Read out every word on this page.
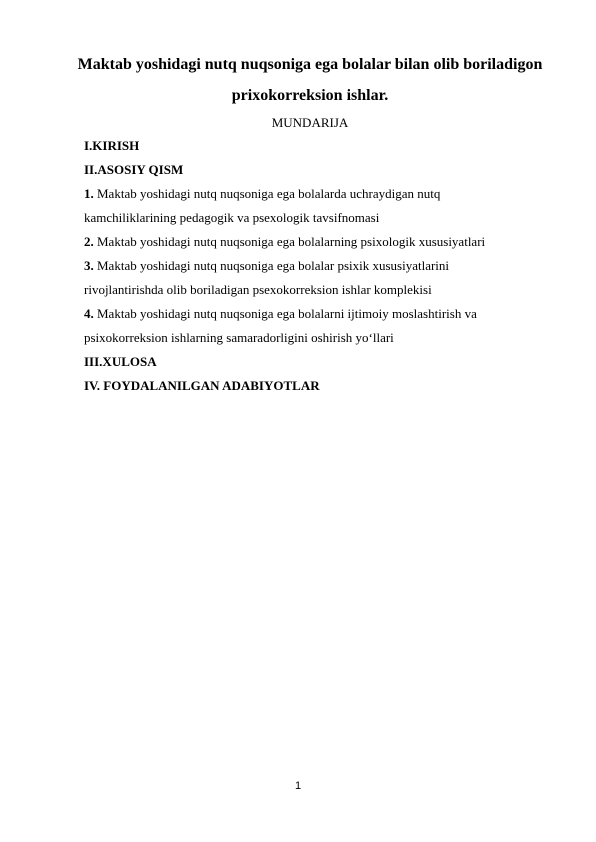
Maktab yoshidagi nutq nuqsoniga ega bolalar bilan olib boriladigon

prixokorreksion ishlar.

MUNDARIJA

I.KIRISH

II.ASOSIY QISM

1. Maktab yoshidagi nutq nuqsoniga ega bolalarda uchraydigan nutq

kamchiliklarining pedagogik va psexologik tavsifnomasi

2. Maktab yoshidagi nutq nuqsoniga ega bolalarning psixologik xususiyatlari

3. Maktab yoshidagi nutq nuqsoniga ega bolalar psixik xususiyatlarini

rivojlantirishda olib boriladigan psexokorreksion ishlar komplekisi

4. Maktab yoshidagi nutq nuqsoniga ega bolalarni ijtimoiy moslashtirish va

psixokorreksion ishlarning samaradorligini oshirish yo‘llari

III.XULOSA

IV. FOYDALANILGAN ADABIYOTLAR

1
